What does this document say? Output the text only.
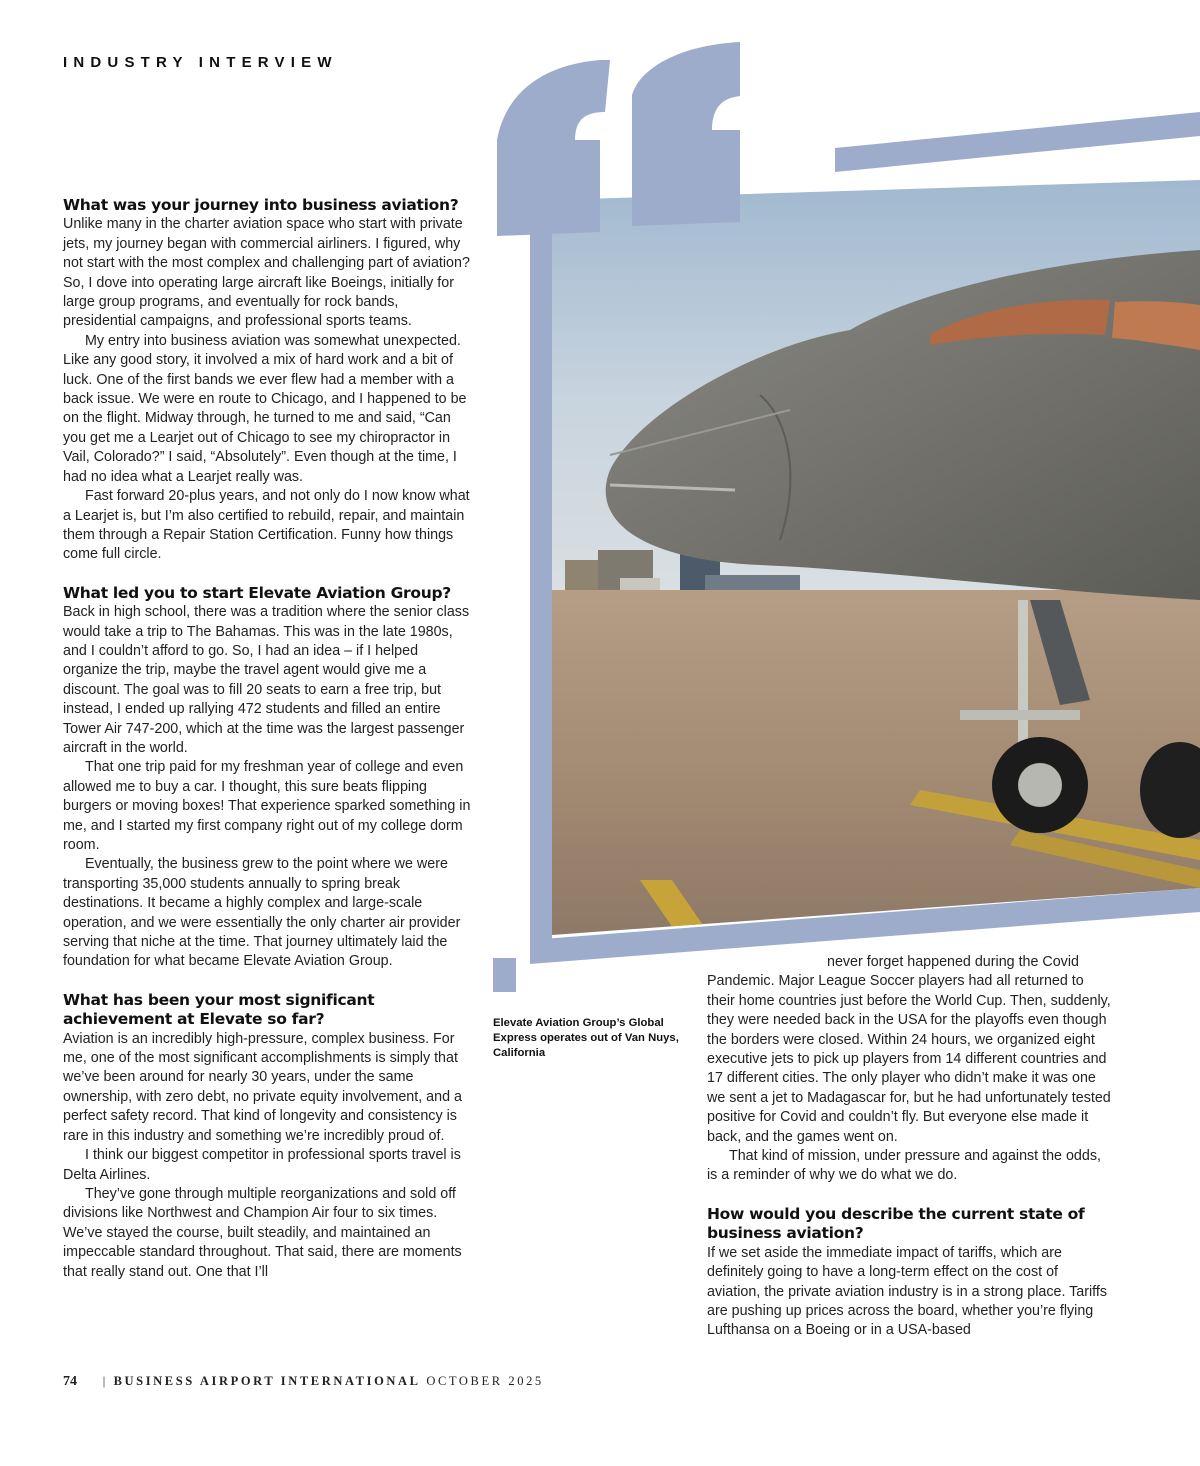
INDUSTRY INTERVIEW
What was your journey into business aviation?

Unlike many in the charter aviation space who start with private jets, my journey began with commercial airliners. I figured, why not start with the most complex and challenging part of aviation? So, I dove into operating large aircraft like Boeings, initially for large group programs, and eventually for rock bands, presidential campaigns, and professional sports teams.

My entry into business aviation was somewhat unexpected. Like any good story, it involved a mix of hard work and a bit of luck. One of the first bands we ever flew had a member with a back issue. We were en route to Chicago, and I happened to be on the flight. Midway through, he turned to me and said, “Can you get me a Learjet out of Chicago to see my chiropractor in Vail, Colorado?” I said, “Absolutely”. Even though at the time, I had no idea what a Learjet really was.

Fast forward 20-plus years, and not only do I now know what a Learjet is, but I’m also certified to rebuild, repair, and maintain them through a Repair Station Certification. Funny how things come full circle.

What led you to start Elevate Aviation Group?

Back in high school, there was a tradition where the senior class would take a trip to The Bahamas. This was in the late 1980s, and I couldn’t afford to go. So, I had an idea – if I helped organize the trip, maybe the travel agent would give me a discount. The goal was to fill 20 seats to earn a free trip, but instead, I ended up rallying 472 students and filled an entire Tower Air 747-200, which at the time was the largest passenger aircraft in the world.

That one trip paid for my freshman year of college and even allowed me to buy a car. I thought, this sure beats flipping burgers or moving boxes! That experience sparked something in me, and I started my first company right out of my college dorm room.

Eventually, the business grew to the point where we were transporting 35,000 students annually to spring break destinations. It became a highly complex and large-scale operation, and we were essentially the only charter air provider serving that niche at the time. That journey ultimately laid the foundation for what became Elevate Aviation Group.

What has been your most significant achievement at Elevate so far?

Aviation is an incredibly high-pressure, complex business. For me, one of the most significant accomplishments is simply that we’ve been around for nearly 30 years, under the same ownership, with zero debt, no private equity involvement, and a perfect safety record. That kind of longevity and consistency is rare in this industry and something we’re incredibly proud of.

I think our biggest competitor in professional sports travel is Delta Airlines.

They’ve gone through multiple reorganizations and sold off divisions like Northwest and Champion Air four to six times. We’ve stayed the course, built steadily, and maintained an impeccable standard throughout. That said, there are moments that really stand out. One that I’ll

Elevate Aviation Group’s Global Express operates out of Van Nuys, California

never forget happened during the Covid Pandemic. Major League Soccer players had all returned to their home countries just before the World Cup. Then, suddenly, they were needed back in the USA for the playoffs even though the borders were closed. Within 24 hours, we organized eight executive jets to pick up players from 14 different countries and 17 different cities. The only player who didn’t make it was one we sent a jet to Madagascar for, but he had unfortunately tested positive for Covid and couldn’t fly. But everyone else made it back, and the games went on.

That kind of mission, under pressure and against the odds, is a reminder of why we do what we do.

How would you describe the current state of business aviation?

If we set aside the immediate impact of tariffs, which are definitely going to have a long-term effect on the cost of aviation, the private aviation industry is in a strong place. Tariffs are pushing up prices across the board, whether you’re flying Lufthansa on a Boeing or in a USA-based

74 | BUSINESS AIRPORT INTERNATIONAL OCTOBER 2025
